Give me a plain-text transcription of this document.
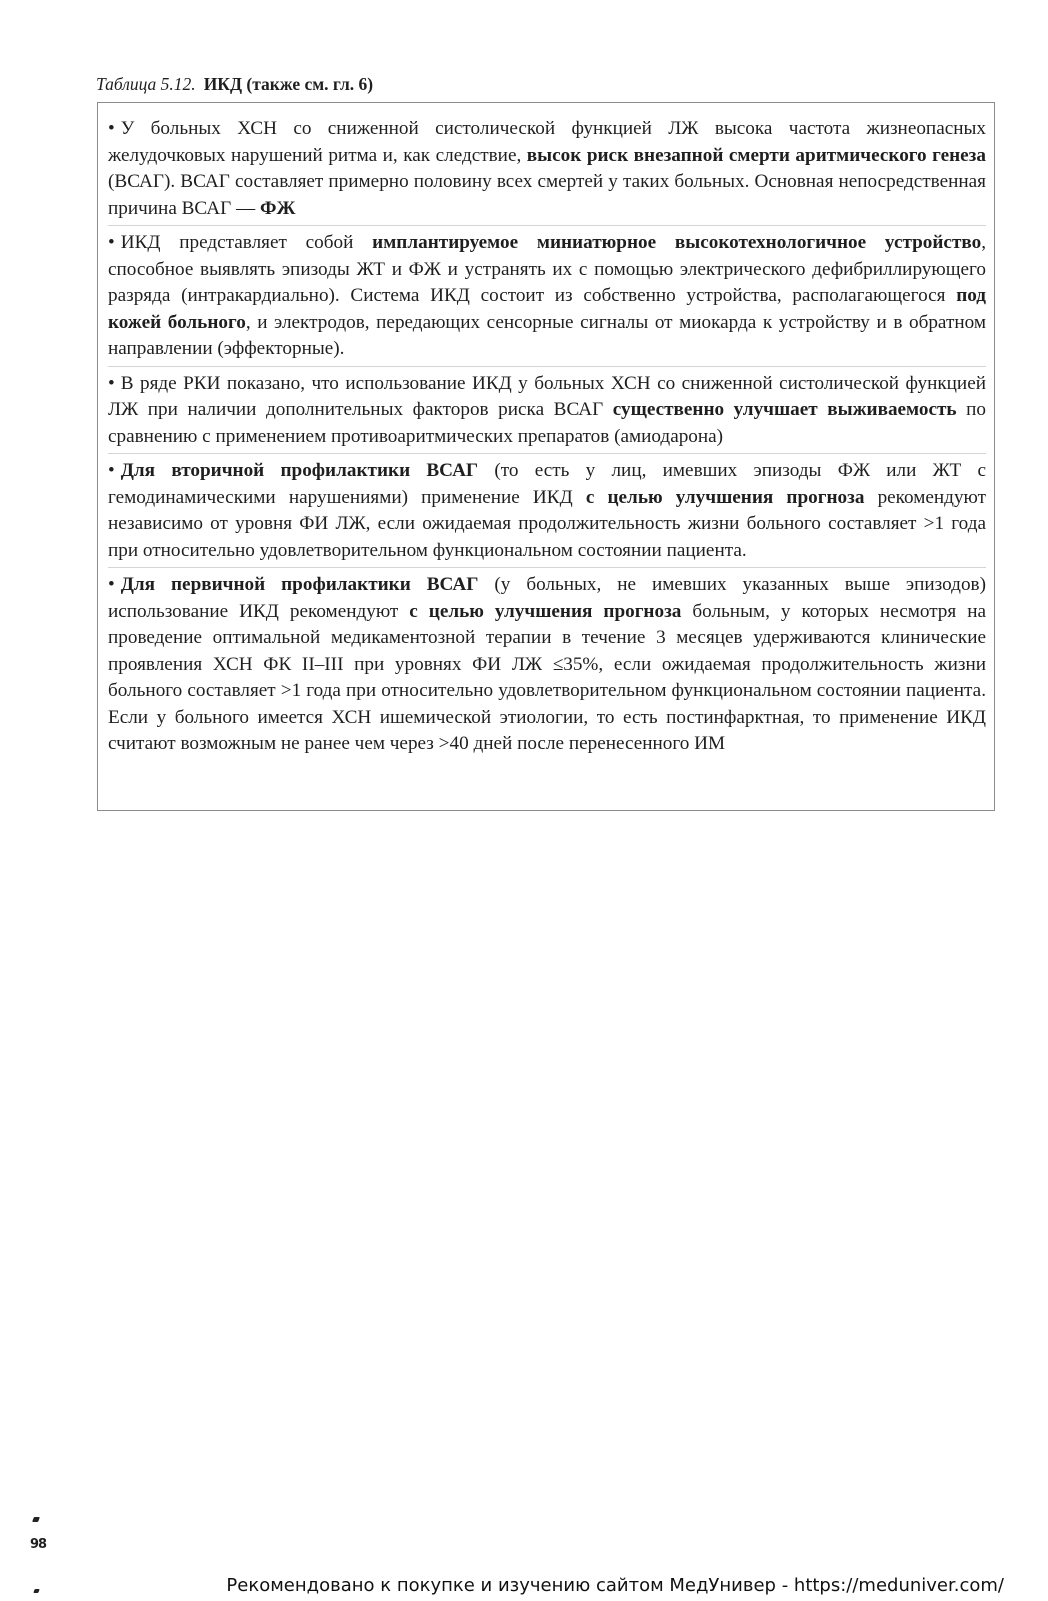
Таблица 5.12. ИКД (также см. гл. 6)

• У больных ХСН со сниженной систолической функцией ЛЖ высока частота жизнеопасных желудочковых нарушений ритма и, как следствие, высок риск внезапной смерти аритмического генеза (ВСАГ). ВСАГ составляет примерно половину всех смертей у таких больных. Основная непосредственная причина ВСАГ — ФЖ

• ИКД представляет собой имплантируемое миниатюрное высокотехнологичное устройство, способное выявлять эпизоды ЖТ и ФЖ и устранять их с помощью электрического дефибриллирующего разряда (интракардиально). Система ИКД состоит из собственно устройства, располагающегося под кожей больного, и электродов, передающих сенсорные сигналы от миокарда к устройству и в обратном направлении (эффекторные).

• В ряде РКИ показано, что использование ИКД у больных ХСН со сниженной систолической функцией ЛЖ при наличии дополнительных факторов риска ВСАГ существенно улучшает выживаемость по сравнению с применением противоаритмических препаратов (амиодарона)

• Для вторичной профилактики ВСАГ (то есть у лиц, имевших эпизоды ФЖ или ЖТ с гемодинамическими нарушениями) применение ИКД с целью улучшения прогноза рекомендуют независимо от уровня ФИ ЛЖ, если ожидаемая продолжительность жизни больного составляет >1 года при относительно удовлетворительном функциональном состоянии пациента.

• Для первичной профилактики ВСАГ (у больных, не имевших указанных выше эпизодов) использование ИКД рекомендуют с целью улучшения прогноза больным, у которых несмотря на проведение оптимальной медикаментозной терапии в течение 3 месяцев удерживаются клинические проявления ХСН ФК II–III при уровнях ФИ ЛЖ ≤35%, если ожидаемая продолжительность жизни больного составляет >1 года при относительно удовлетворительном функциональном состоянии пациента. Если у больного имеется ХСН ишемической этиологии, то есть постинфарктная, то применение ИКД считают возможным не ранее чем через >40 дней после перенесенного ИМ

98
Рекомендовано к покупке и изучению сайтом МедУнивер - https://meduniver.com/
